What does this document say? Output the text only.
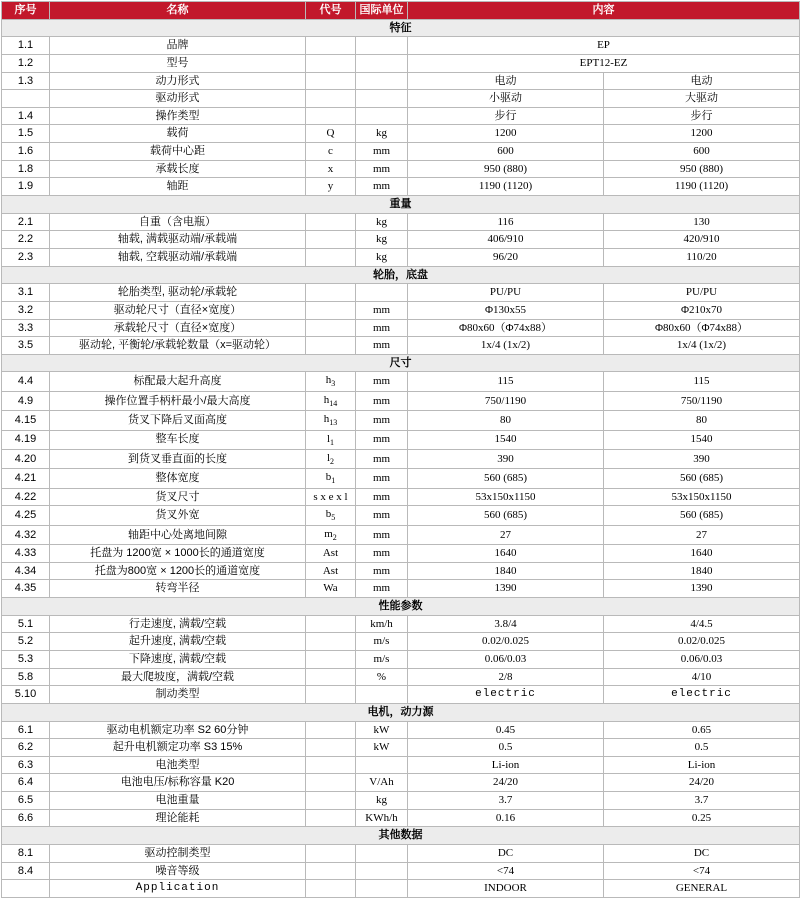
序号	名称	代号	国际单位	内容	
特征					
1.1	品牌			EP	
1.2	型号			EPT12-EZ	
1.3	动力形式			电动	电动
	驱动形式			小驱动	大驱动
1.4	操作类型			步行	步行
1.5	载荷	Q	kg	1200	1200
1.6	载荷中心距	c	mm	600	600
1.8	承载长度	x	mm	950 (880)	950 (880)
1.9	轴距	y	mm	1190 (1120)	1190 (1120)
重量					
2.1	自重（含电瓶）		kg	116	130
2.2	轴载, 满载驱动端/承载端		kg	406/910	420/910
2.3	轴载, 空载驱动端/承载端		kg	96/20	110/20
轮胎，底盘					
3.1	轮胎类型, 驱动轮/承载轮			PU/PU	PU/PU
3.2	驱动轮尺寸（直径×宽度）		mm	Φ130x55	Φ210x70
3.3	承载轮尺寸（直径×宽度）		mm	Φ80x60（Φ74x88）	Φ80x60（Φ74x88）
3.5	驱动轮, 平衡轮/承载轮数量（x=驱动轮）		mm	1x/4 (1x/2)	1x/4 (1x/2)
尺寸					
4.4	标配最大起升高度	$h_3$	mm	115	115
4.9	操作位置手柄杆最小/最大高度	$h_{14}$	mm	750/1190	750/1190
4.15	货叉下降后叉面高度	$h_{13}$	mm	80	80
4.19	整车长度	$l_1$	mm	1540	1540
4.20	到货叉垂直面的长度	$l_2$	mm	390	390
4.21	整体宽度	$b_1$	mm	560 (685)	560 (685)
4.22	货叉尺寸	s x e x l	mm	53x150x1150	53x150x1150
4.25	货叉外宽	$b_5$	mm	560 (685)	560 (685)
4.32	轴距中心处离地间隙	$m_2$	mm	27	27
4.33	托盘为 1200宽 × 1000长的通道宽度	Ast	mm	1640	1640
4.34	托盘为800宽 × 1200长的通道宽度	Ast	mm	1840	1840
4.35	转弯半径	Wa	mm	1390	1390
性能参数					
5.1	行走速度, 满载/空载		km/h	3.8/4	4/4.5
5.2	起升速度, 满载/空载		m/s	0.02/0.025	0.02/0.025
5.3	下降速度, 满载/空载		m/s	0.06/0.03	0.06/0.03
5.8	最大爬坡度，满载/空载		%	2/8	4/10
5.10	制动类型			electric	electric
电机，动力源					
6.1	驱动电机额定功率 S2 60分钟		kW	0.45	0.65
6.2	起升电机额定功率 S3 15%		kW	0.5	0.5
6.3	电池类型			Li-ion	Li-ion
6.4	电池电压/标称容量 K20		V/Ah	24/20	24/20
6.5	电池重量		kg	3.7	3.7
6.6	理论能耗		KWh/h	0.16	0.25
其他数据					
8.1	驱动控制类型			DC	DC
8.4	噪音等级			<74	<74
	Application			INDOOR	GENERAL
